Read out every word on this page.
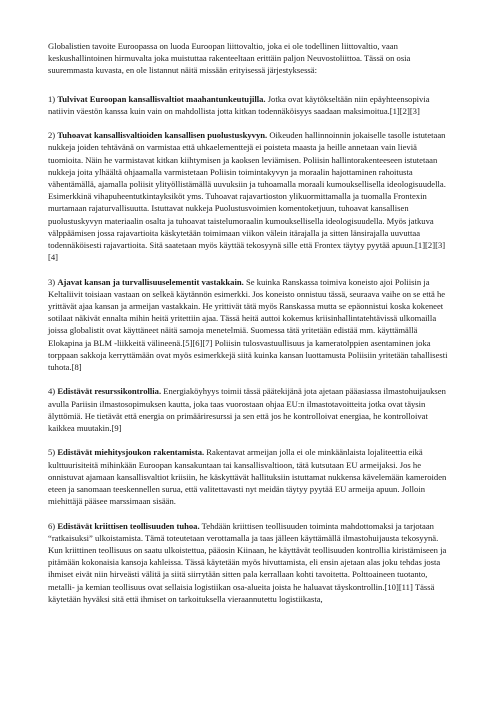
Globalistien tavoite Euroopassa on luoda Euroopan liittovaltio, joka ei ole todellinen liittovaltio, vaan keskushallintoinen hirmuvalta joka muistuttaa rakenteeltaan erittäin paljon Neuvostoliittoa. Tässä on osia suuremmasta kuvasta, en ole listannut näitä missään erityisessä järjestyksessä:

1) Tulvivat Euroopan kansallisvaltiot maahantunkeutujilla. Jotka ovat käytökseltään niin epäyhteensopivia natiivin väestön kanssa kuin vain on mahdollista jotta kitkan todennäköisyys saadaan maksimoitua.[1][2][3]

2) Tuhoavat kansallisvaltioiden kansallisen puolustuskyvyn. Oikeuden hallinnoinnin jokaiselle tasolle istutetaan nukkeja joiden tehtävänä on varmistaa että uhkaelementtejä ei poisteta maasta ja heille annetaan vain lieviä tuomioita. Näin he varmistavat kitkan kiihtymisen ja kaoksen leviämisen. Poliisin hallintorakenteeseen istutetaan nukkeja joita ylhäältä ohjaamalla varmistetaan Poliisin toimintakyvyn ja moraalin hajottaminen rahoitusta vähentämällä, ajamalla poliisit ylityöllistämällä uuvuksiin ja tuhoamalla moraali kumouksellisella ideologisuudella. Esimerkkinä vihapuheentutkintayksiköt yms. Tuhoavat rajavartioston ylikuormittamalla ja tuomalla Frontexin murtamaan rajaturvallisuutta. Istuttavat nukkeja Puolustusvoimien komentoketjuun, tuhoavat kansallisen puolustuskyvyn materiaalin osalta ja tuhoavat taistelumoraalin kumouksellisella ideologisuudella. Myös jatkuva välppäämisen jossa rajavartioita käskytetään toimimaan viikon välein itärajalla ja sitten länsirajalla uuvuttaa todennäköisesti rajavartioita. Sitä saatetaan myös käyttää tekosyynä sille että Frontex täytyy pyytää apuun.[1][2][3][4]

3) Ajavat kansan ja turvallisuuselementit vastakkain. Se kuinka Ranskassa toimiva koneisto ajoi Poliisin ja Keltaliivit toisiaan vastaan on selkeä käytännön esimerkki. Jos koneisto onnistuu tässä, seuraava vaihe on se että he yrittävät ajaa kansan ja armeijan vastakkain. He yrittivät tätä myös Ranskassa mutta se epäonnistui koska kokeneet sotilaat näkivät ennalta mihin heitä yritettiin ajaa. Tässä heitä auttoi kokemus kriisinhallintatehtävissä ulkomailla joissa globalistit ovat käyttäneet näitä samoja menetelmiä. Suomessa tätä yritetään edistää mm. käyttämällä Elokapina ja BLM -liikkeitä välineenä.[5][6][7] Poliisin tulosvastuullisuus ja kameratolppien asentaminen joka torppaan sakkoja kerryttämään ovat myös esimerkkejä siitä kuinka kansan luottamusta Poliisiin yritetään tahallisesti tuhota.[8]

4) Edistävät resurssikontrollia. Energiaköyhyys toimii tässä päätekijänä jota ajetaan pääasiassa ilmastohuijauksen avulla Pariisin ilmastosopimuksen kautta, joka taas vuorostaan ohjaa EU:n ilmastotavoitteita jotka ovat täysin älyttömiä. He tietävät että energia on primääriresurssi ja sen että jos he kontrolloivat energiaa, he kontrolloivat kaikkea muutakin.[9]

5) Edistävät miehitysjoukon rakentamista. Rakentavat armeijan jolla ei ole minkäänlaista lojaliteettia eikä kulttuurisiteitä mihinkään Euroopan kansakuntaan tai kansallisvaltioon, tätä kutsutaan EU armeijaksi. Jos he onnistuvat ajamaan kansallisvaltiot kriisiin, he käskyttävät hallituksiin istuttamat nukkensa kävelemään kameroiden eteen ja sanomaan teeskennellen surua, että valitettavasti nyt meidän täytyy pyytää EU armeija apuun. Jolloin miehittäjä pääsee marssimaan sisään.

6) Edistävät kriittisen teollisuuden tuhoa. Tehdään kriittisen teollisuuden toiminta mahdottomaksi ja tarjotaan “ratkaisuksi” ulkoistamista. Tämä toteutetaan verottamalla ja taas jälleen käyttämällä ilmastohuijausta tekosyynä. Kun kriittinen teollisuus on saatu ulkoistettua, pääosin Kiinaan, he käyttävät teollisuuden kontrollia kiristämiseen ja pitämään kokonaisia kansoja kahleissa. Tässä käytetään myös hivuttamista, eli ensin ajetaan alas joku tehdas josta ihmiset eivät niin hirveästi välitä ja siitä siirrytään sitten pala kerrallaan kohti tavoitetta. Polttoaineen tuotanto, metalli- ja kemian teollisuus ovat sellaisia logistiikan osa-alueita joista he haluavat täyskontrollin.[10][11] Tässä käytetään hyväksi sitä että ihmiset on tarkoituksella vieraannutettu logistiikasta,
